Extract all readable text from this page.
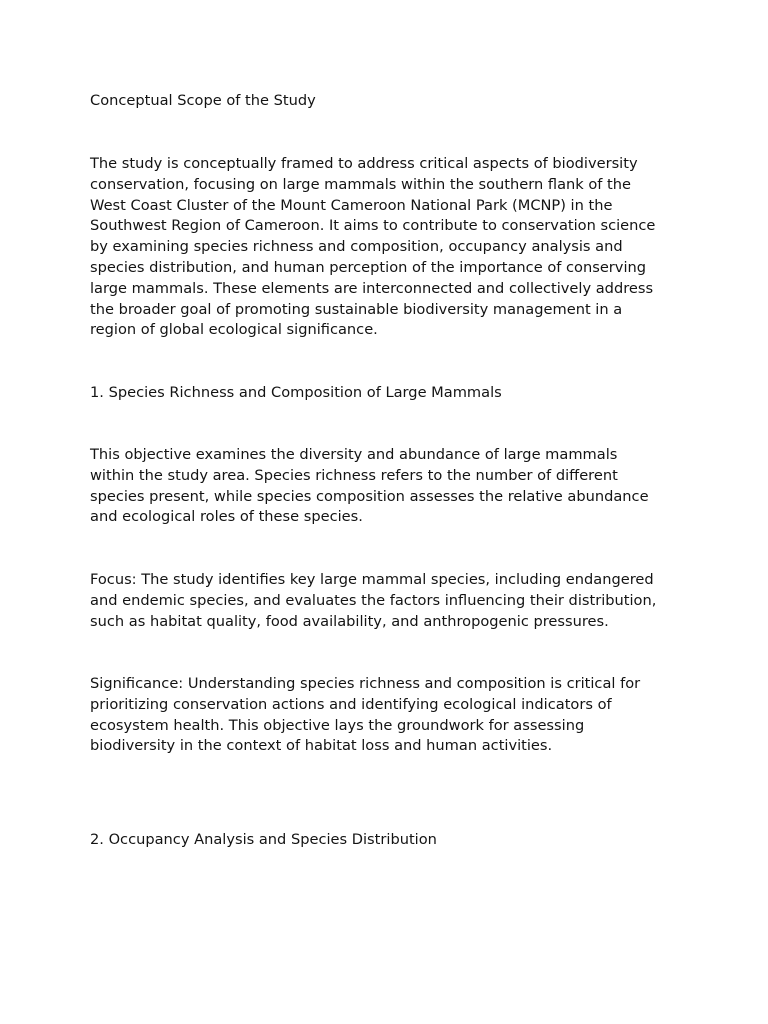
Conceptual Scope of the Study

The study is conceptually framed to address critical aspects of biodiversity
conservation, focusing on large mammals within the southern flank of the
West Coast Cluster of the Mount Cameroon National Park (MCNP) in the
Southwest Region of Cameroon. It aims to contribute to conservation science
by examining species richness and composition, occupancy analysis and
species distribution, and human perception of the importance of conserving
large mammals. These elements are interconnected and collectively address
the broader goal of promoting sustainable biodiversity management in a
region of global ecological significance.

1. Species Richness and Composition of Large Mammals

This objective examines the diversity and abundance of large mammals
within the study area. Species richness refers to the number of different
species present, while species composition assesses the relative abundance
and ecological roles of these species.

Focus: The study identifies key large mammal species, including endangered
and endemic species, and evaluates the factors influencing their distribution,
such as habitat quality, food availability, and anthropogenic pressures.

Significance: Understanding species richness and composition is critical for
prioritizing conservation actions and identifying ecological indicators of
ecosystem health. This objective lays the groundwork for assessing
biodiversity in the context of habitat loss and human activities.

2. Occupancy Analysis and Species Distribution
